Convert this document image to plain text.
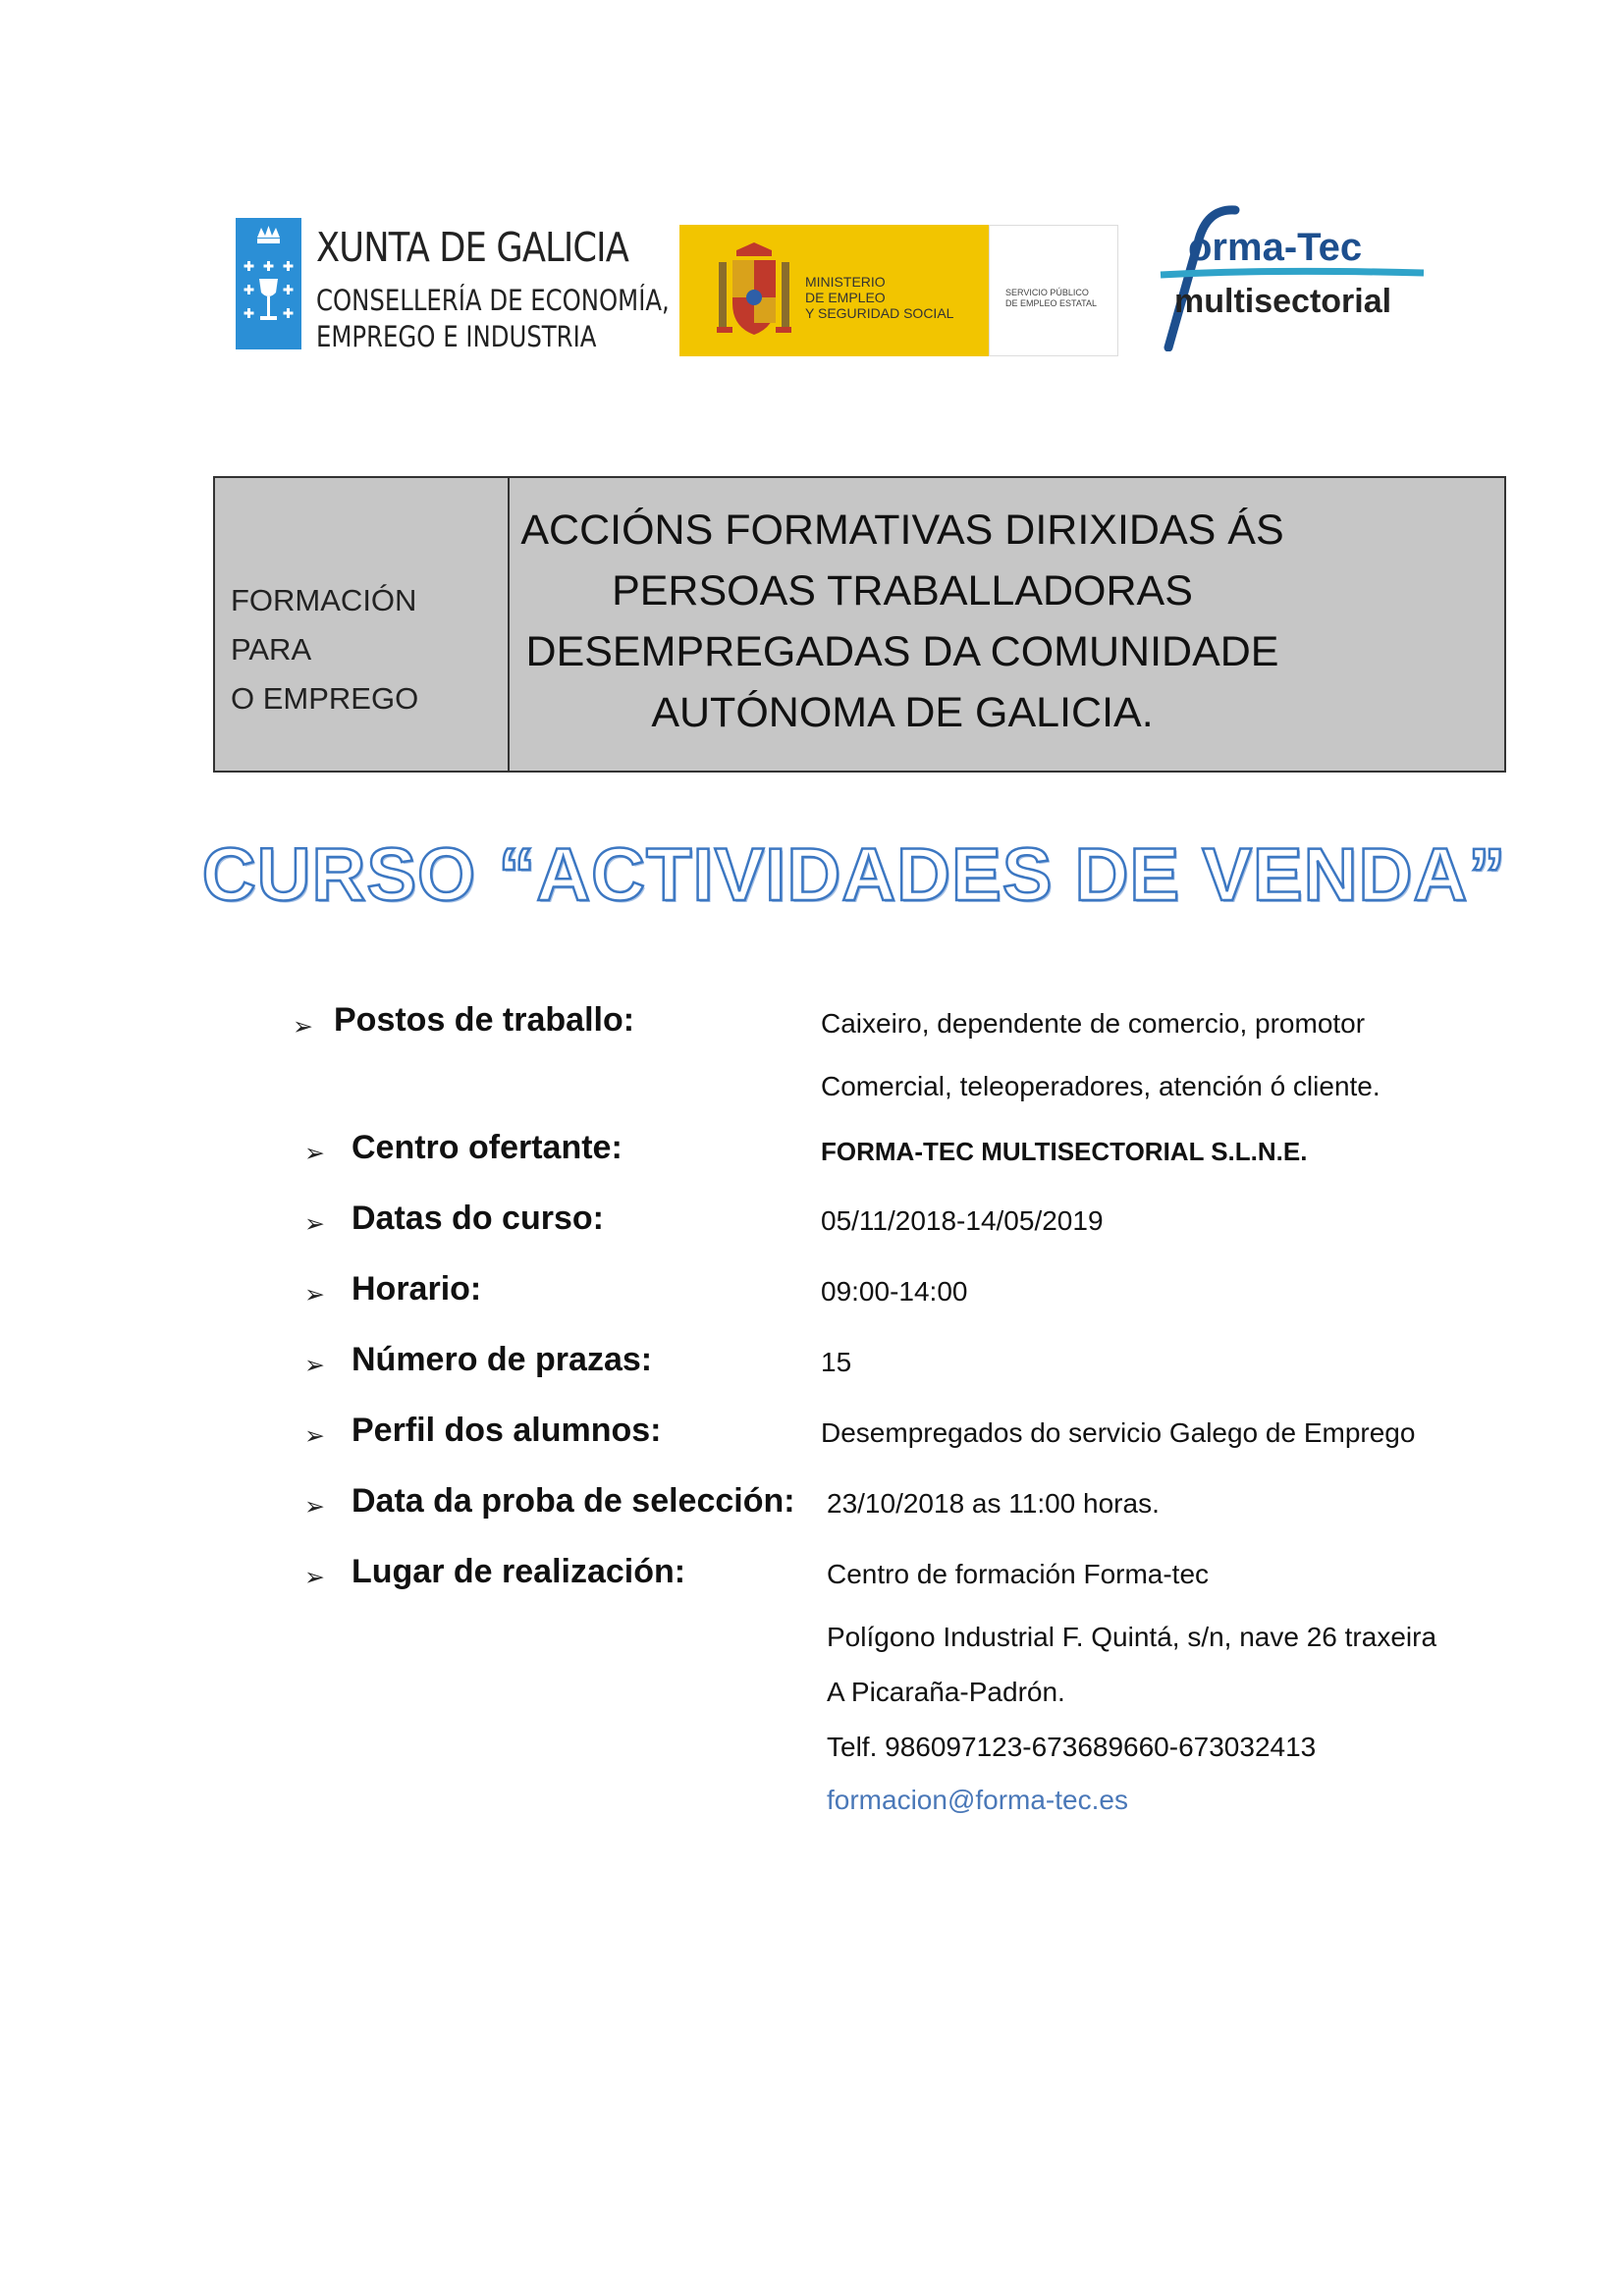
XUNTA DE GALICIA
CONSELLERÍA DE ECONOMÍA,
EMPREGO E INDUSTRIA
MINISTERIO
DE EMPLEO
Y SEGURIDAD SOCIAL
SERVICIO PÚBLICO
DE EMPLEO ESTATAL
orma-Tec
multisectorial
FORMACIÓN PARA
O EMPREGO
ACCIÓNS FORMATIVAS DIRIXIDAS ÁS
PERSOAS TRABALLADORAS
DESEMPREGADAS DA COMUNIDADE
AUTÓNOMA DE GALICIA.
CURSO “ACTIVIDADES DE VENDA”
➢ Postos de traballo:	Caixeiro, dependente de comercio, promotor
Comercial, teleoperadores, atención ó cliente.
➢ Centro ofertante:	FORMA-TEC MULTISECTORIAL S.L.N.E.
➢ Datas do curso:	05/11/2018-14/05/2019
➢ Horario:	09:00-14:00
➢ Número de prazas:	15
➢ Perfil dos alumnos:	Desempregados do servicio Galego de Emprego
➢ Data da proba de selección: 23/10/2018 as 11:00 horas.
➢ Lugar de realización:	Centro de formación Forma-tec
Polígono Industrial F. Quintá, s/n, nave 26 traxeira
A Picaraña-Padrón.
Telf. 986097123-673689660-673032413
formacion@forma-tec.es
